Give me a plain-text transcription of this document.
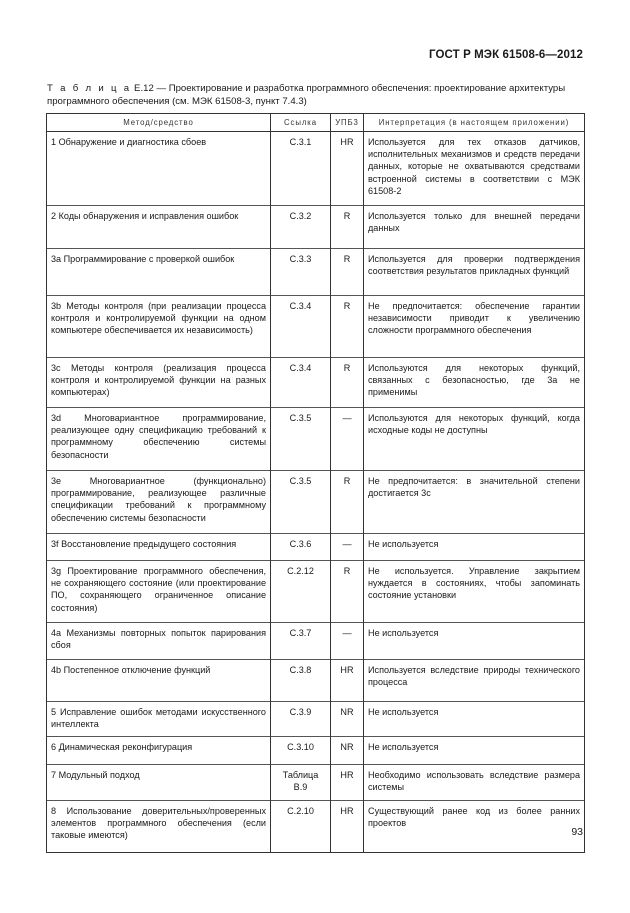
ГОСТ Р МЭК 61508-6—2012
Т а б л и ц а Е.12 — Проектирование и разработка программного обеспечения: проектирование архитектуры программного обеспечения (см. МЭК 61508-3, пункт 7.4.3)
Метод/средство	Ссылка	УПБ3	Интерпретация (в настоящем приложении)
1 Обнаружение и диагностика сбоев	С.3.1	HR	Используется для тех отказов датчиков, исполнительных механизмов и средств передачи данных, которые не охватываются средствами встроенной системы в соответствии с МЭК 61508-2
2 Коды обнаружения и исправления ошибок	С.3.2	R	Используется только для внешней передачи данных
3а Программирование с проверкой ошибок	С.3.3	R	Используется для проверки подтверждения соответствия результатов прикладных функций
3b Методы контроля (при реализации процесса контроля и контролируемой функции на одном компьютере обеспечивается их независимость)	С.3.4	R	Не предпочитается: обеспечение гарантии независимости приводит к увеличению сложности программного обеспечения
3с Методы контроля (реализация процесса контроля и контролируемой функции на разных компьютерах)	С.3.4	R	Используются для некоторых функций, связанных с безопасностью, где 3а не применимы
3d Многовариантное программирование, реализующее одну спецификацию требований к программному обеспечению системы безопасности	С.3.5	—	Используются для некоторых функций, когда исходные коды не доступны
3е Многовариантное (функционально) программирование, реализующее различные спецификации требований к программному обеспечению системы безопасности	С.3.5	R	Не предпочитается: в значительной степени достигается 3с
3f Восстановление предыдущего состояния	С.3.6	—	Не используется
3g Проектирование программного обеспечения, не сохраняющего состояние (или проектирование ПО, сохраняющего ограниченное описание состояния)	С.2.12	R	Не используется. Управление закрытием нуждается в состояниях, чтобы запоминать состояние установки
4а Механизмы повторных попыток парирования сбоя	С.3.7	—	Не используется
4b Постепенное отключение функций	С.3.8	HR	Используется вследствие природы технического процесса
5 Исправление ошибок методами искусственного интеллекта	С.3.9	NR	Не используется
6 Динамическая реконфигурация	С.3.10	NR	Не используется
7 Модульный подход	Таблица В.9	HR	Необходимо использовать вследствие размера системы
8 Использование доверительных/проверенных элементов программного обеспечения (если таковые имеются)	С.2.10	HR	Существующий ранее код из более ранних проектов
93
